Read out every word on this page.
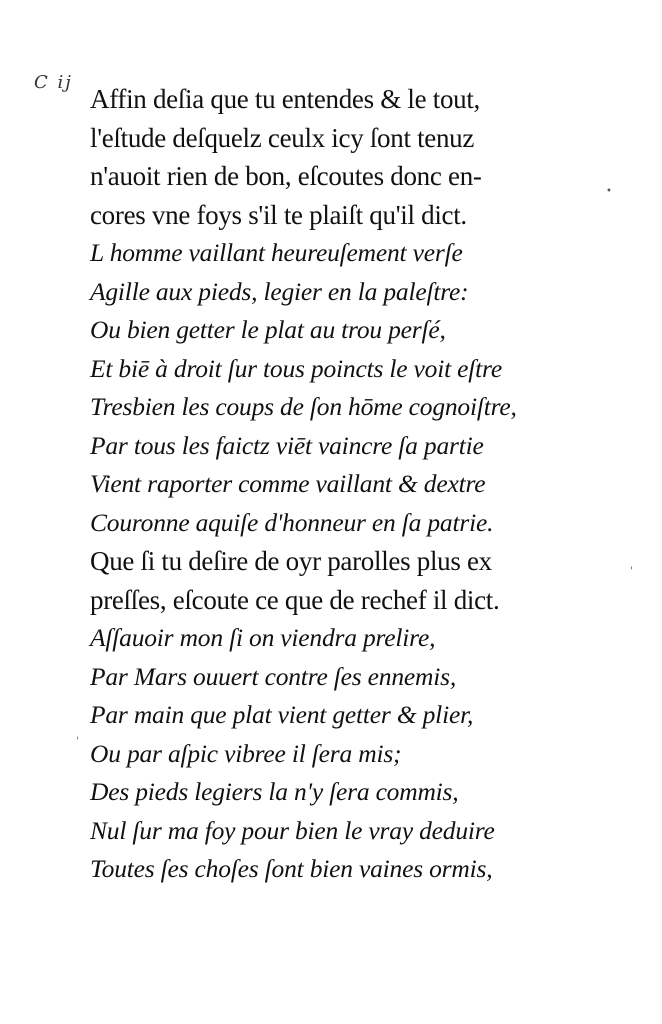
C ij
Affin deſia que tu entendes & le tout,
l'eſtude deſquelz ceulx icy ſont tenuz
n'auoit rien de bon, eſcoutes donc en-
cores vne foys s'il te plaiſt qu'il dict.
L homme vaillant heureuſement verſe
Agille aux pieds, legier en la paleſtre:
Ou bien getter le plat au trou perſé,
Et biē à droit ſur tous poincts le voit eſtre
Tresbien les coups de ſon hōme cognoiſtre,
Par tous les faictz viēt vaincre ſa partie
Vient raporter comme vaillant & dextre
Couronne aquiſe d'honneur en ſa patrie.
Que ſi tu deſire de oyr parolles plus ex
preſſes, eſcoute ce que de rechef il dict.
Aſſauoir mon ſi on viendra prelire,
Par Mars ouuert contre ſes ennemis,
Par main que plat vient getter & plier,
Ou par aſpic vibree il ſera mis;
Des pieds legiers la n'y ſera commis,
Nul ſur ma foy pour bien le vray deduire
Toutes ſes choſes ſont bien vaines ormis,
•
'
'
